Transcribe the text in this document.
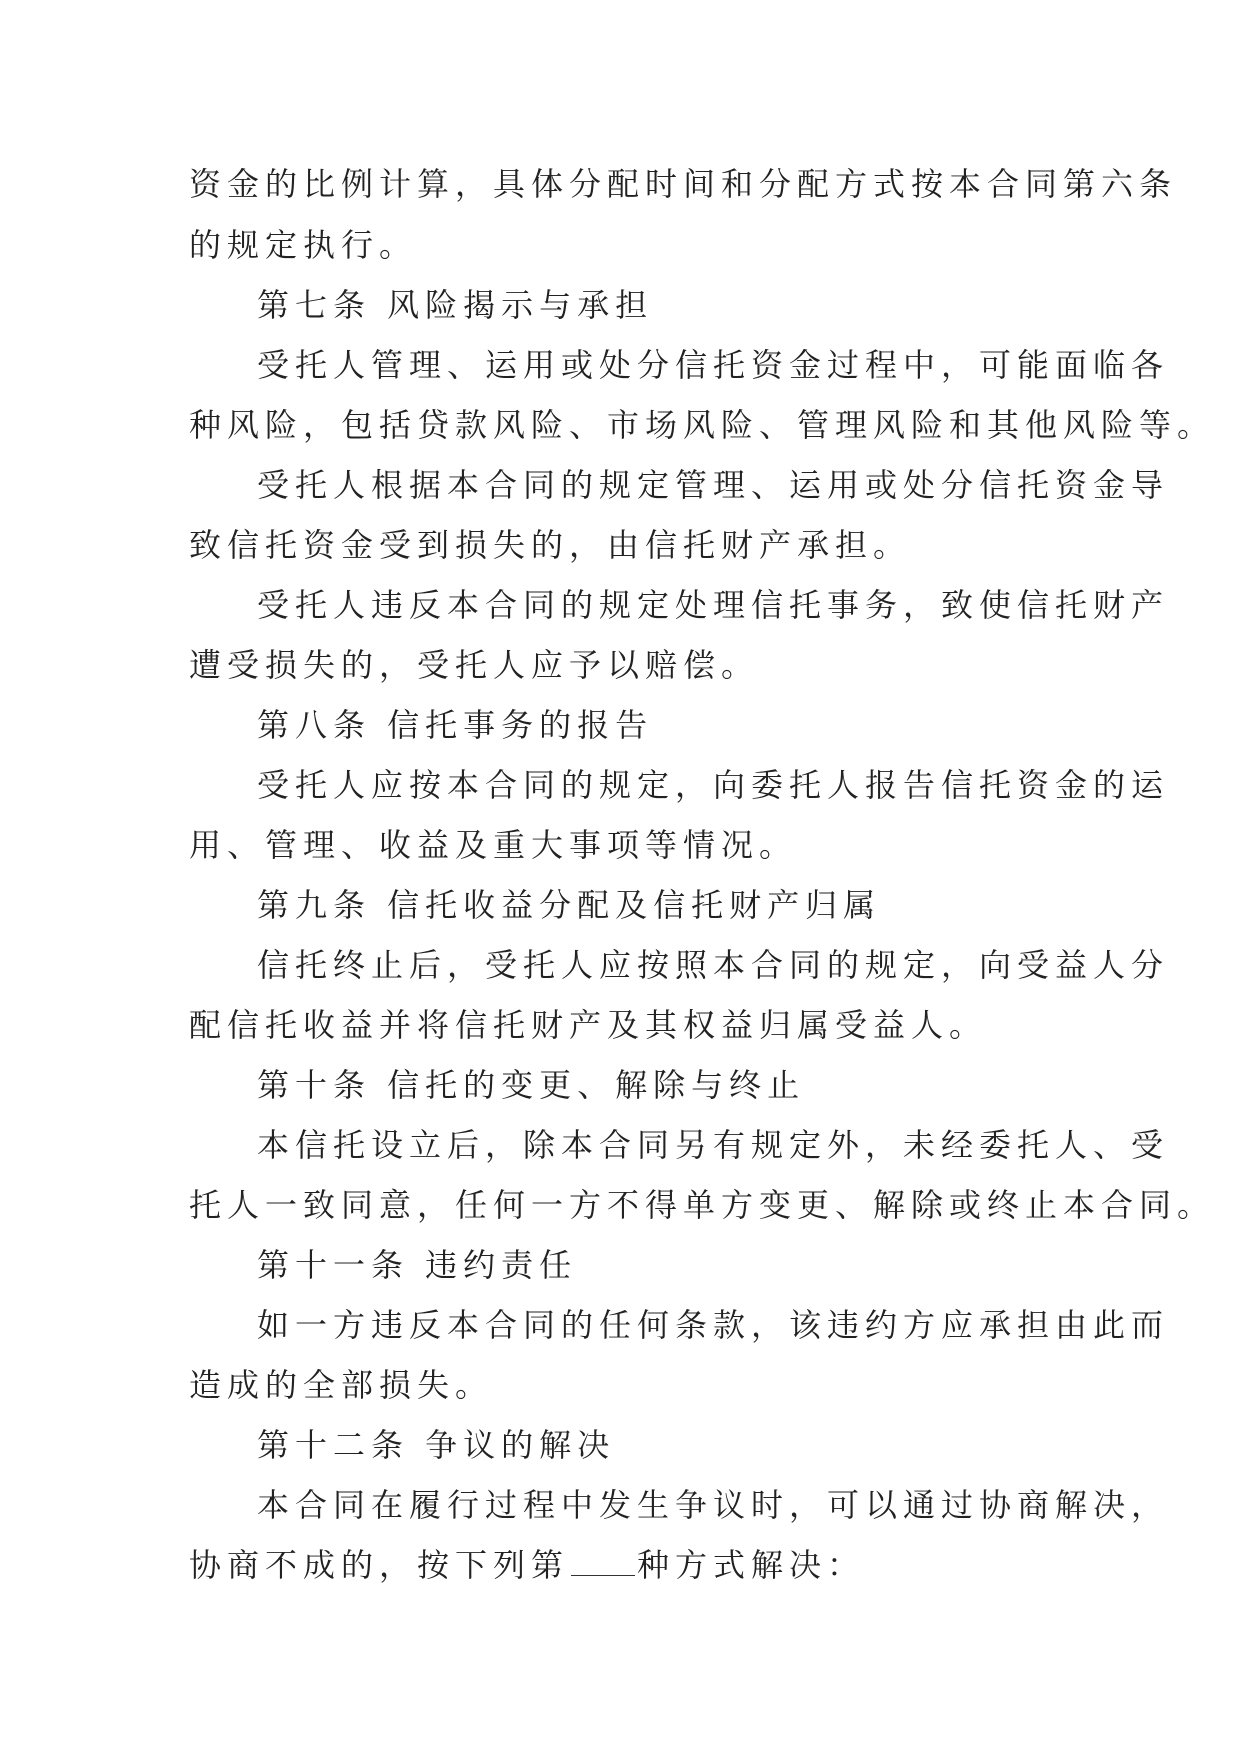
资金的比例计算，具体分配时间和分配方式按本合同第六条
的规定执行。
第七条 风险揭示与承担
受托人管理、运用或处分信托资金过程中，可能面临各
种风险，包括贷款风险、市场风险、管理风险和其他风险等。
受托人根据本合同的规定管理、运用或处分信托资金导
致信托资金受到损失的，由信托财产承担。
受托人违反本合同的规定处理信托事务，致使信托财产
遭受损失的，受托人应予以赔偿。
第八条 信托事务的报告
受托人应按本合同的规定，向委托人报告信托资金的运
用、管理、收益及重大事项等情况。
第九条 信托收益分配及信托财产归属
信托终止后，受托人应按照本合同的规定，向受益人分
配信托收益并将信托财产及其权益归属受益人。
第十条 信托的变更、解除与终止
本信托设立后，除本合同另有规定外，未经委托人、受
托人一致同意，任何一方不得单方变更、解除或终止本合同。
第十一条 违约责任
如一方违反本合同的任何条款，该违约方应承担由此而
造成的全部损失。
第十二条 争议的解决
本合同在履行过程中发生争议时，可以通过协商解决，
协商不成的，按下列第 种方式解决：
